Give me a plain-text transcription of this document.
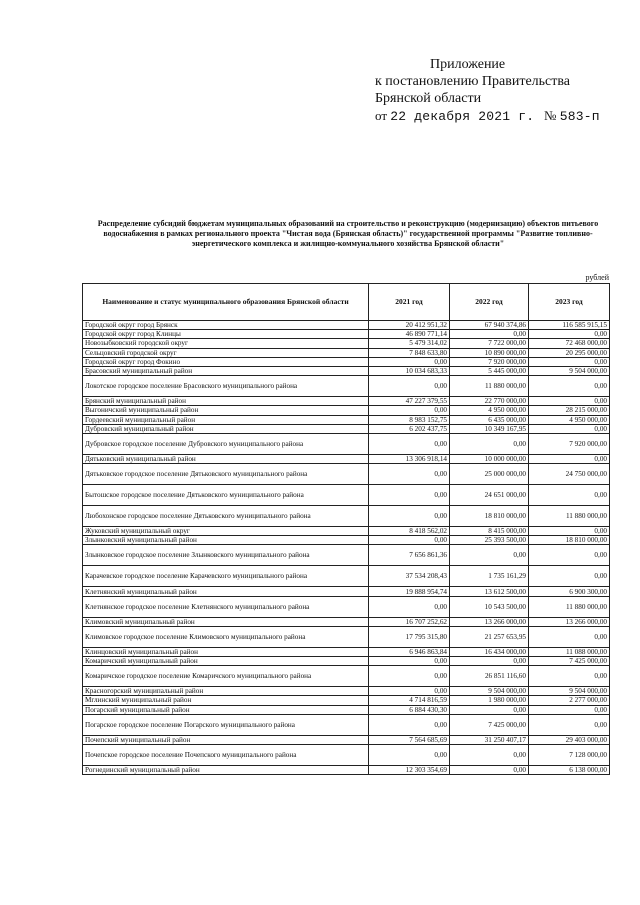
Приложение
к постановлению Правительства
Брянской области
от 22 декабря 2021 г. № 583-п
Распределение субсидий бюджетам муниципальных образований на строительство и реконструкцию (модернизацию) объектов питьевого водоснабжения в рамках регионального проекта "Чистая вода (Брянская область)" государственной программы "Развитие топливно-энергетического комплекса и жилищно-коммунального хозяйства Брянской области"
рублей
Наименование и статус муниципального образования Брянской области	2021 год	2022 год	2023 год
Городской округ город Брянск	20 412 951,32	67 940 374,86	116 585 915,15
Городской округ город Клинцы	46 890 771,14	0,00	0,00
Новозыбковский городской округ	5 479 314,02	7 722 000,00	72 468 000,00
Сельцовский городской округ	7 848 633,80	10 890 000,00	20 295 000,00
Городской округ город Фокино	0,00	7 920 000,00	0,00
Брасовский муниципальный район	10 034 683,33	5 445 000,00	9 504 000,00
Локотское городское поселение Брасовского муниципального района	0,00	11 880 000,00	0,00
Брянский муниципальный район	47 227 379,55	22 770 000,00	0,00
Выгоничский муниципальный район	0,00	4 950 000,00	28 215 000,00
Гордеевский муниципальный район	8 983 152,75	6 435 000,00	4 950 000,00
Дубровский муниципальный район	6 202 437,75	10 349 167,95	0,00
Дубровское городское поселение Дубровского муниципального района	0,00	0,00	7 920 000,00
Дятьковский муниципальный район	13 306 918,14	10 000 000,00	0,00
Дятьковское городское поселение Дятьковского муниципального района	0,00	25 000 000,00	24 750 000,00
Бытошское городское поселение Дятьковского муниципального района	0,00	24 651 000,00	0,00
Любохонское городское поселение Дятьковского муниципального района	0,00	18 810 000,00	11 880 000,00
Жуковский муниципальный округ	8 418 562,02	8 415 000,00	0,00
Злынковский муниципальный район	0,00	25 393 500,00	18 810 000,00
Злынковское городское поселение Злынковского муниципального района	7 656 861,36	0,00	0,00
Карачевское городское поселение Карачевского муниципального района	37 534 208,43	1 735 161,29	0,00
Клетнянский муниципальный район	19 888 954,74	13 612 500,00	6 900 300,00
Клетнянское городское поселение Клетнянского муниципального района	0,00	10 543 500,00	11 880 000,00
Климовский муниципальный район	16 707 252,62	13 266 000,00	13 266 000,00
Климовское городское поселение Климовского муниципального района	17 795 315,80	21 257 653,95	0,00
Клинцовский муниципальный район	6 946 863,84	16 434 000,00	11 088 000,00
Комаричский муниципальный район	0,00	0,00	7 425 000,00
Комаричское городское поселение Комаричского муниципального района	0,00	26 851 116,60	0,00
Красногорский муниципальный район	0,00	9 504 000,00	9 504 000,00
Мглинский муниципальный район	4 714 816,59	1 980 000,00	2 277 000,00
Погарский муниципальный район	6 884 430,30	0,00	0,00
Погарское городское поселение Погарского муниципального района	0,00	7 425 000,00	0,00
Почепский муниципальный район	7 564 685,69	31 250 407,17	29 403 000,00
Почепское городское поселение Почепского муниципального района	0,00	0,00	7 128 000,00
Рогнединский муниципальный район	12 303 354,69	0,00	6 138 000,00
